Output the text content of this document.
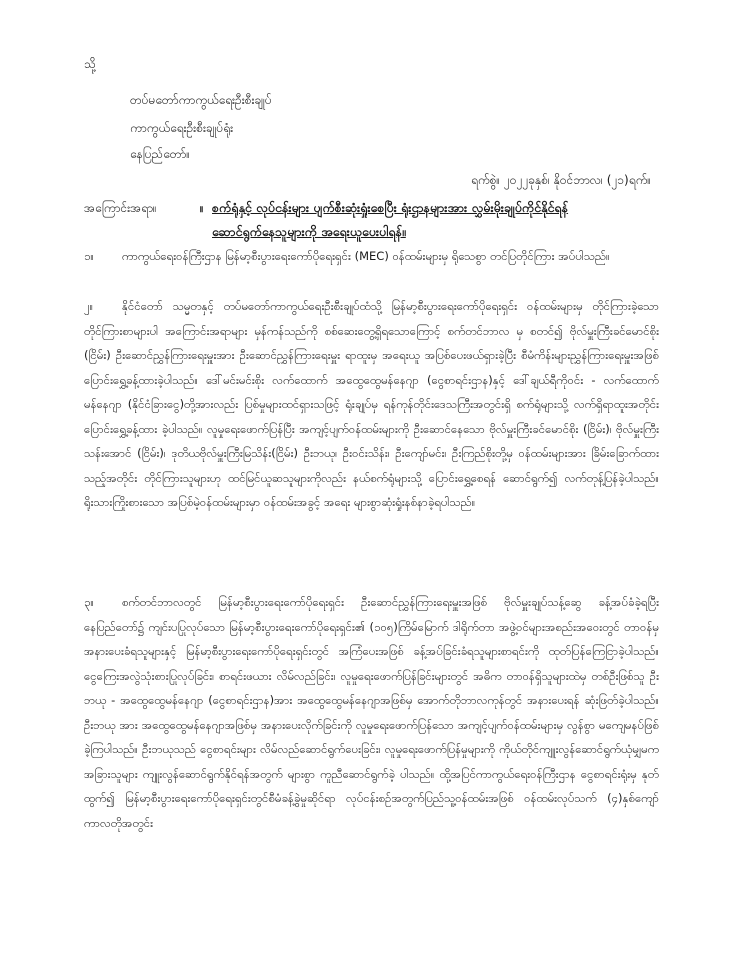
သို့
တပ်မတော်ကာကွယ်ရေးဦးစီးချုပ်
ကာကွယ်ရေးဦးစီးချုပ်ရုံး
နေပြည်တော်။
ရက်စွဲ။ ၂၀၂၂ခုနှစ်၊ နိုဝင်ဘာလ၊ (၂၁)ရက်။
အကြောင်းအရာ။	။ စက်ရုံနှင့် လုပ်ငန်းများ ပျက်စီးဆုံးရှုံးစေပြီး ရုံးဌာနများအား လွှမ်းမိုးချုပ်ကိုင်နိုင်ရန်
ဆောင်ရွက်နေသူများကို အရေးယူပေးပါရန်။
၁။ ကာကွယ်ရေးဝန်ကြီးဌာန မြန်မာ့စီးပွားရေးကော်ပိုရေးရှင်း (MEC) ဝန်ထမ်းများမှ ရိုသေစွာ တင်ပြတိုင်ကြား အပ်ပါသည်။
၂။	နိုင်ငံတော် သမ္မတနှင့် တပ်မတော်ကာကွယ်ရေးဦးစီးချုပ်ထံသို့ မြန်မာ့စီးပွားရေးကော်ပိုရေးရှင်း ဝန်ထမ်းများမှ တိုင်ကြားခဲ့သော တိုင်ကြားစာများပါ အကြောင်းအရာများ မှန်ကန်သည်ကို စစ်ဆေးတွေ့ရှိရသောကြောင့် စက်တင်ဘာလ မှ စတင်၍ ဗိုလ်မှူးကြီးခင်မောင်စိုး (ငြိမ်း) ဦးဆောင်ညွှန်ကြားရေးမှူးအား ဦးဆောင်ညွှန်ကြားရေးမှူး ရာထူးမှ အရေးယူ အပြစ်ပေးဖယ်ရှားခဲ့ပြီး စီမံကိန်းများညွှန်ကြားရေးမှူးအဖြစ် ပြောင်းရွှေ့ခန့်ထားခဲ့ပါသည်။ ဒေါ်မင်းမင်းစိုး လက်ထောက် အထွေထွေမန်နေဂျာ (ငွေစာရင်းဌာန)နှင့် ဒေါ်ချယ်ရီကိုဝင်း - လက်ထောက်မန်နေဂျာ (နိုင်ငံခြားငွေ)တို့အားလည်း ပြစ်မှုများထင်ရှားသဖြင့် ရုံးချုပ်မှ ရန်ကုန်တိုင်းဒေသကြီးအတွင်းရှိ စက်ရုံများသို့ လက်ရှိရာထူးအတိုင်းပြောင်းရွှေ့ခန့်ထား ခဲ့ပါသည်။ လူမှုရေးဖောက်ပြန်ပြီး အကျင့်ပျက်ဝန်ထမ်းများကို ဦးဆောင်နေသော ဗိုလ်မှူးကြီးခင်မောင်စိုး (ငြိမ်း)၊ ဗိုလ်မှူးကြီး သန်းအောင် (ငြိမ်း)၊ ဒုတိယဗိုလ်မှူးကြီးမြသိန်း(ငြိမ်း) ဦးဘယု၊ ဦးဝင်းသိန်း၊ ဦးကျော်မင်း၊ ဦးကြည်စိုးတို့မှ ဝန်ထမ်းများအား ခြိမ်းခြောက်ထားသည့်အတိုင်း တိုင်ကြားသူများဟု ထင်မြင်ယူဆသူများကိုလည်း နယ်စက်ရုံများသို့ ပြောင်းရွှေ့စေရန် ဆောင်ရွက်၍ လက်တုန့်ပြန်ခဲ့ပါသည်။ ရိုးသားကြိုးစားသော အပြစ်မဲ့ဝန်ထမ်းများမှာ ဝန်ထမ်းအခွင့် အရေး များစွာဆုံးရှုံးနစ်နာခဲ့ရပါသည်။
၃။ စက်တင်ဘာလတွင် မြန်မာ့စီးပွားရေးကော်ပိုရေးရှင်း ဦးဆောင်ညွှန်ကြားရေးမှူးအဖြစ် ဗိုလ်မှူးချုပ်သန့်ဆွေ ခန့်အပ်ခံခဲ့ရပြီး နေပြည်တော်၌ ကျင်းပပြုလုပ်သော မြန်မာ့စီးပွားရေးကော်ပိုရေးရှင်း၏ (၁၀၅)ကြိမ်မြောက် ဒါရိုက်တာ အဖွဲ့ဝင်များအစည်းအဝေးတွင် တာဝန်မှ အနားပေးခံရသူများနှင့် မြန်မာ့စီးပွားရေးကော်ပိုရေးရှင်းတွင် အကြံပေးအဖြစ် ခန့်အပ်ခြင်းခံရသူများစာရင်းကို ထုတ်ပြန်ကြေငြာခဲ့ပါသည်။ ငွေကြေးအလွဲသုံးစားပြုလုပ်ခြင်း၊ စာရင်းဖယား လိမ်လည်ခြင်း၊ လူမှုရေးဖောက်ပြန်ခြင်းများတွင် အဓိက တာဝန်ရှိသူများထဲမှ တစ်ဦးဖြစ်သူ ဦးဘယု - အထွေထွေမန်နေဂျာ (ငွေစာရင်းဌာန)အား အထွေထွေမန်နေဂျာအဖြစ်မှ အောက်တိုဘာလကုန်တွင် အနားပေးရန် ဆုံးဖြတ်ခဲ့ပါသည်။ ဦးဘယု အား အထွေထွေမန်နေဂျာအဖြစ်မှ အနားပေးလိုက်ခြင်းကို လူမှုရေးဖောက်ပြန်သော အကျင့်ပျက်ဝန်ထမ်းများမှ လွန်စွာ မကျေမနပ်ဖြစ်ခဲ့ကြပါသည်။ ဦးဘယုသည် ငွေစာရင်းများ လိမ်လည်ဆောင်ရွက်ပေးခြင်း၊ လူမှုရေးဖောက်ပြန်မှုများကို ကိုယ်တိုင်ကျူးလွန်ဆောင်ရွက်ယုံမျှမက အခြားသူများ ကျူးလွန်ဆောင်ရွက်နိုင်ရန်အတွက် များစွာ ကူညီဆောင်ရွက်ခဲ့ ပါသည်။ ထို့အပြင်ကာကွယ်ရေးဝန်ကြီးဌာန ငွေစာရင်းရုံးမှ နုတ်ထွက်၍ မြန်မာ့စီးပွားရေးကော်ပိုရေးရှင်းတွင်စီမံခန့်ခွဲမှုဆိုင်ရာ လုပ်ငန်းစဉ်အတွက်ပြည်သူ့ဝန်ထမ်းအဖြစ် ဝန်ထမ်းလုပ်သက် (၄)နှစ်ကျော် ကာလတိုအတွင်း
